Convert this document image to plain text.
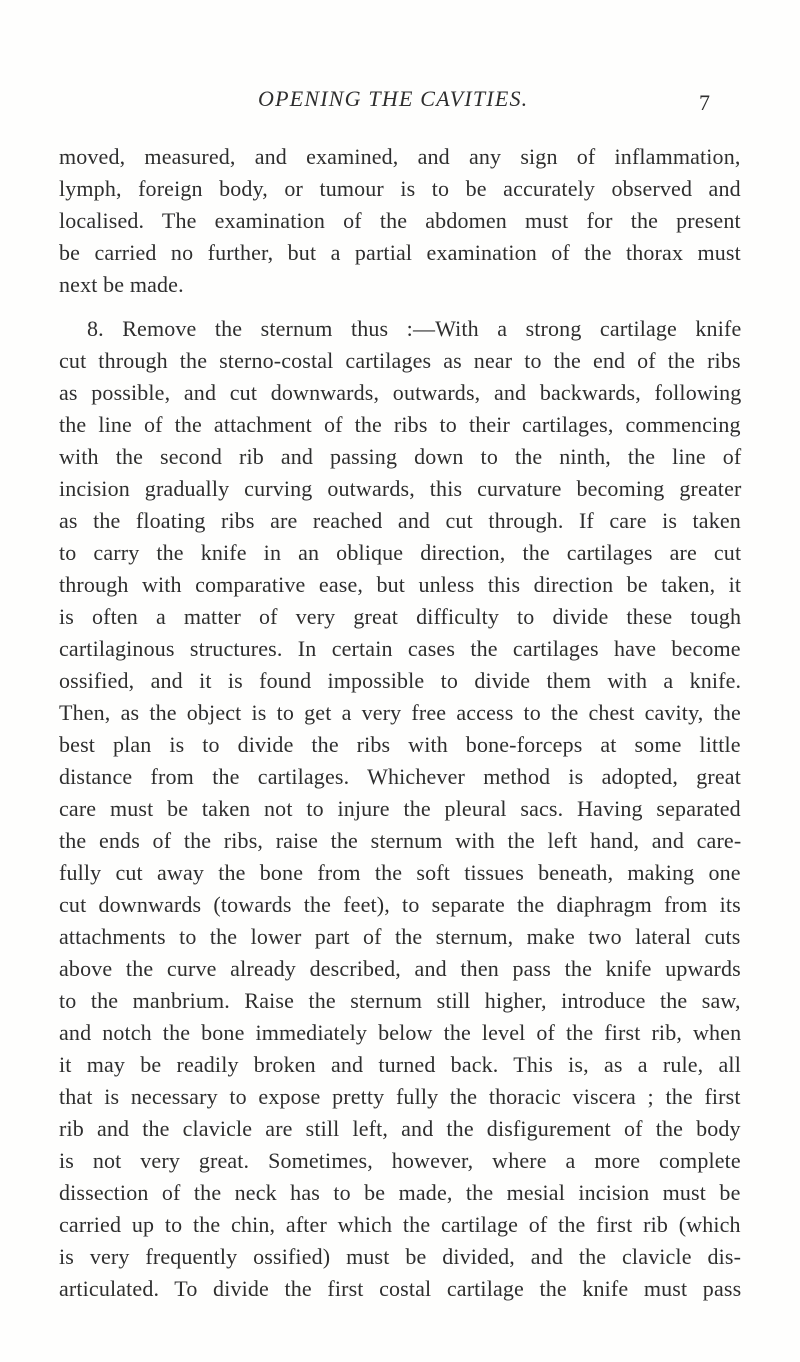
OPENING THE CAVITIES.	7
moved, measured, and examined, and any sign of inflammation,
lymph, foreign body, or tumour is to be accurately observed and
localised. The examination of the abdomen must for the present
be carried no further, but a partial examination of the thorax must
next be made.
8. Remove the sternum thus :—With a strong cartilage knife
cut through the sterno-costal cartilages as near to the end of the ribs
as possible, and cut downwards, outwards, and backwards, following
the line of the attachment of the ribs to their cartilages, commencing
with the second rib and passing down to the ninth, the line of
incision gradually curving outwards, this curvature becoming greater
as the floating ribs are reached and cut through. If care is taken
to carry the knife in an oblique direction, the cartilages are cut
through with comparative ease, but unless this direction be taken, it
is often a matter of very great difficulty to divide these tough
cartilaginous structures. In certain cases the cartilages have become
ossified, and it is found impossible to divide them with a knife.
Then, as the object is to get a very free access to the chest cavity, the
best plan is to divide the ribs with bone-forceps at some little
distance from the cartilages. Whichever method is adopted, great
care must be taken not to injure the pleural sacs. Having separated
the ends of the ribs, raise the sternum with the left hand, and care-
fully cut away the bone from the soft tissues beneath, making one
cut downwards (towards the feet), to separate the diaphragm from its
attachments to the lower part of the sternum, make two lateral cuts
above the curve already described, and then pass the knife upwards
to the manbrium. Raise the sternum still higher, introduce the saw,
and notch the bone immediately below the level of the first rib, when
it may be readily broken and turned back. This is, as a rule, all
that is necessary to expose pretty fully the thoracic viscera ; the first
rib and the clavicle are still left, and the disfigurement of the body
is not very great. Sometimes, however, where a more complete
dissection of the neck has to be made, the mesial incision must be
carried up to the chin, after which the cartilage of the first rib (which
is very frequently ossified) must be divided, and the clavicle dis-
articulated. To divide the first costal cartilage the knife must pass
